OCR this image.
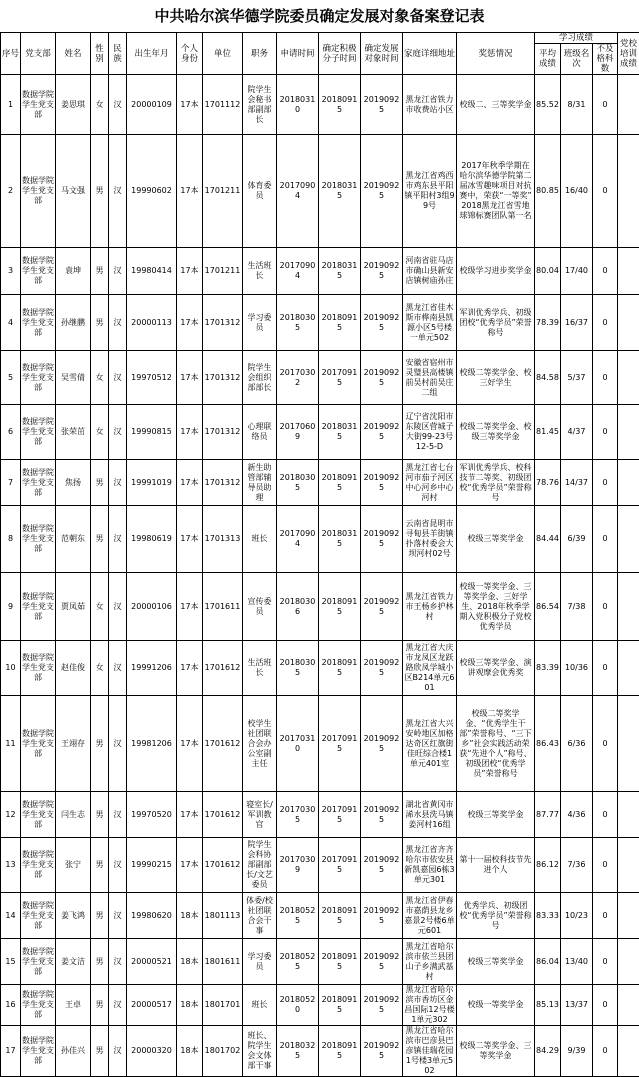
中共哈尔滨华德学院委员确定发展对象备案登记表
序号	党支部	姓名	性别	民族	出生年月	个人身份	单位	职务	申请时间	确定积极分子时间	确定发展对象时间	家庭详细地址	奖惩情况	学习成绩			党校培训成绩
														平均成绩	班级名次	不及格科数	
1	数据学院学生党支部	姜思琪	女	汉	20000109	17本	1701112	院学生会秘书部副部长	20180310	20180915	20190925	黑龙江省铁力市收费站小区	校级二、三等奖学金	85.52	8/31	0	
2	数据学院学生党支部	马文强	男	汉	19990602	17本	1701211	体育委员	20170904	20180315	20190925	黑龙江省鸡西市鸡东县平阳镇平阳村3组99号	2017年秋季学期在哈尔滨华德学院第二届冰雪趣味项目对抗赛中，荣获“一等奖” 2018黑龙江省雪地球锦标赛团队第一名	80.85	16/40	0	
3	数据学院学生党支部	袁坤	男	汉	19980414	17本	1701211	生活班长	20170904	20180315	20190925	河南省驻马店市确山县新安店镇树庙孙庄	校级学习进步奖学金	80.04	17/40	0	
4	数据学院学生党支部	孙继鹏	男	汉	20000113	17本	1701312	学习委员	20180305	20180915	20190925	黑龙江省佳木斯市桦南县凯源小区5号楼一单元502	军训优秀学兵、初级团校“优秀学员”荣誉称号	78.39	16/37	0	
5	数据学院学生党支部	吴雪倩	女	汉	19970512	17本	1701312	院学生会组织部部长	20170302	20170915	20190925	安徽省宿州市灵璧县高楼镇前吴村前吴庄二组	校级二等奖学金、校三好学生	84.58	5/37	0	
6	数据学院学生党支部	张荣茁	女	汉	19990815	17本	1701312	心理联络员	20170609	20180315	20190925	辽宁省沈阳市东陵区营城子大街99-23号12-5-D	校级二等奖学金、校级三等奖学金	81.45	4/37	0	
7	数据学院学生党支部	焦扬	男	汉	19991019	17本	1701312	新生助管部辅导员助理	20180305	20180915	20190925	黑龙江省七台河市茄子河区中心河乡中心河村	军训优秀学兵、校科技节二等奖、初级团校“优秀学员”荣誉称号	78.76	14/37	0	
8	数据学院学生党支部	范朝东	男	汉	19980619	17本	1701313	班长	20170904	20180315	20190925	云南省昆明市寻甸县羊街镇扑落村委会大坝河村02号	校级三等奖学金	84.44	6/39	0	
9	数据学院学生党支部	贾凤茹	女	汉	20000106	17本	1701611	宣传委员	20180306	20180915	20190925	黑龙江省铁力市王杨乡护林村	校级一等奖学金、三等奖学金、三好学生、2018年秋季学期入党积极分子党校优秀学员	86.54	7/38	0	
10	数据学院学生党支部	赵佳俊	女	汉	19991206	17本	1701612	生活班长	20180305	20180915	20190925	黑龙江省大庆市龙凤区龙跃路欣凤学城小区B214单元601	校级三等奖学金、演讲观摩会优秀奖	83.39	10/36	0	
11	数据学院学生党支部	王翊存	男	汉	19981206	17本	1701612	校学生社团联合会办公室副主任	20170310	20170915	20190925	黑龙江省大兴安岭地区加格达奇区红旗街佳旺综合楼1单元401室	校级二等奖学金、“优秀学生干部”荣誉称号、“三下乡”社会实践活动荣获“先进个人”称号、初级团校“优秀学员”荣誉称号	86.43	6/36	0	
12	数据学院学生党支部	闫生志	男	汉	19970520	17本	1701612	寝室长/军训教官	20170305	20170915	20190925	湖北省黄冈市浠水县洗马镇姜河村16组	校级三等奖学金	87.77	4/36	0	
13	数据学院学生党支部	张宁	男	汉	19990215	17本	1701612	院学生会科协部副部长/文艺委员	20170309	20170915	20190925	黑龙江省齐齐哈尔市依安县新凯嘉园6栋3单元301	第十一届校科技节先进个人	86.12	7/36	0	
14	数据学院学生党支部	姜飞鸿	男	汉	19980620	18本	1801113	体委/校社团联合会干事	20180525	20180915	20190925	黑龙江省伊春市嘉荫县龙乡嘉景2号楼6单元601	优秀学兵、初级团校“优秀学员”荣誉称号	83.33	10/23	0	
15	数据学院学生党支部	姜文洁	男	汉	20000521	18本	1801611	学习委员	20180525	20180915	20190925	黑龙江省哈尔滨市依兰县团山子乡满武基村	校级三等奖学金	86.04	13/40	0	
16	数据学院学生党支部	王卓	男	汉	20000517	18本	1801701	班长	20180520	20180915	20190925	黑龙江省哈尔滨市香坊区金昌国际12号楼1单元302	校级一等奖学金	85.13	13/37	0	
17	数据学院学生党支部	孙佳兴	男	汉	20000320	18本	1801702	班长、院学生会文体部干事	20180325	20180915	20190925	黑龙江省哈尔滨市巴彦县巴彦镇佳瑞花园1号楼3单元502	校级二等奖学金、三等奖学金	84.29	9/39	0	
